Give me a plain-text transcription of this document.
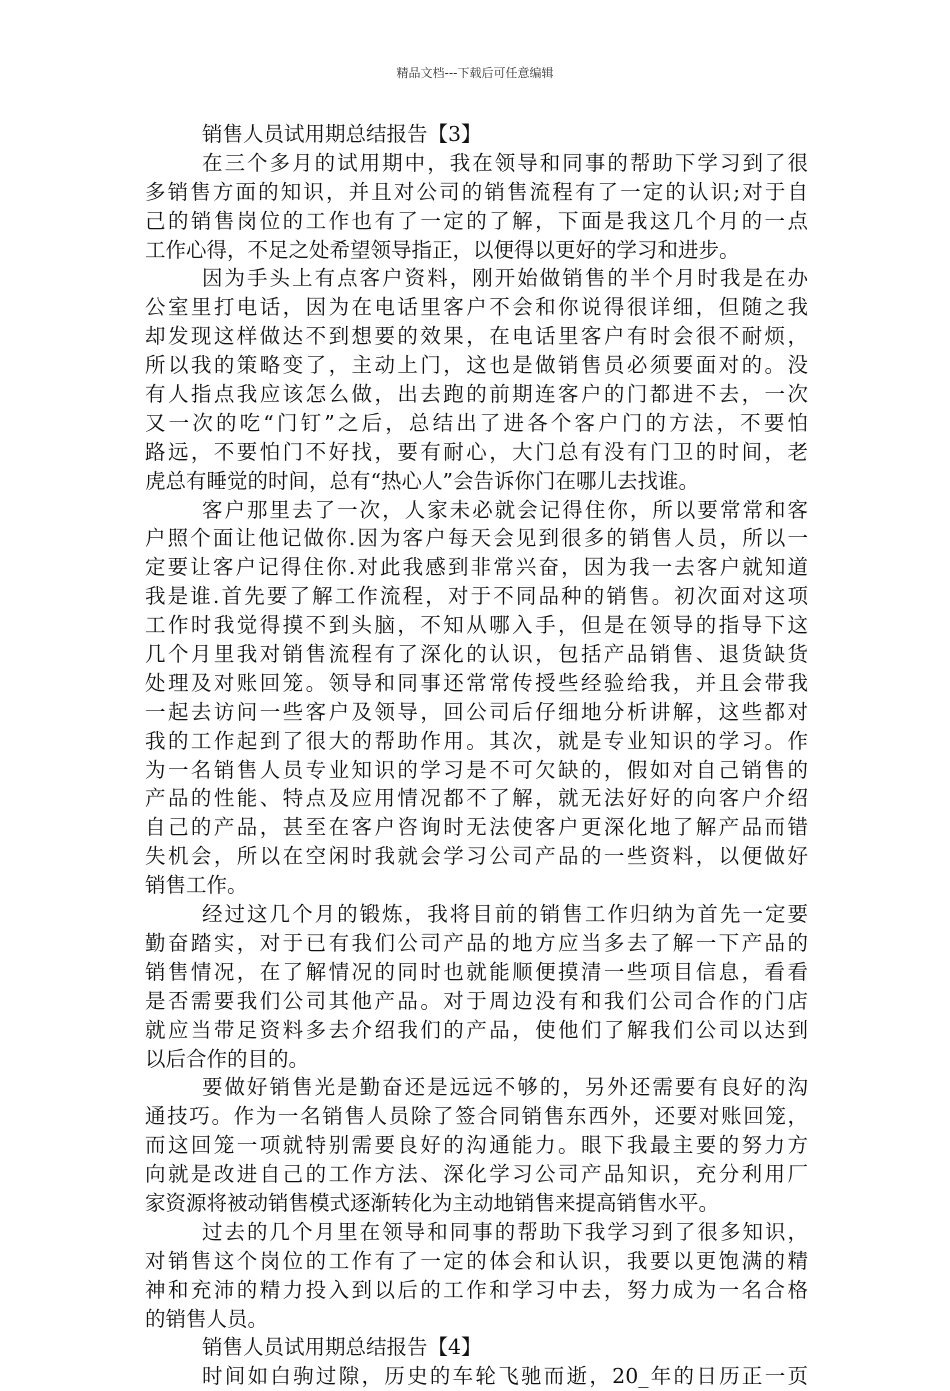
精品文档---下载后可任意编辑
销售人员试用期总结报告【3】
在三个多月的试用期中，我在领导和同事的帮助下学习到了很
多销售方面的知识，并且对公司的销售流程有了一定的认识;对于自
己的销售岗位的工作也有了一定的了解，下面是我这几个月的一点
工作心得，不足之处希望领导指正，以便得以更好的学习和进步。
因为手头上有点客户资料，刚开始做销售的半个月时我是在办
公室里打电话，因为在电话里客户不会和你说得很详细，但随之我
却发现这样做达不到想要的效果，在电话里客户有时会很不耐烦，
所以我的策略变了，主动上门，这也是做销售员必须要面对的。没
有人指点我应该怎么做，出去跑的前期连客户的门都进不去，一次
又一次的吃“门钉”之后，总结出了进各个客户门的方法，不要怕
路远，不要怕门不好找，要有耐心，大门总有没有门卫的时间，老
虎总有睡觉的时间，总有“热心人”会告诉你门在哪儿去找谁。
客户那里去了一次，人家未必就会记得住你，所以要常常和客
户照个面让他记做你.因为客户每天会见到很多的销售人员，所以一
定要让客户记得住你.对此我感到非常兴奋，因为我一去客户就知道
我是谁.首先要了解工作流程，对于不同品种的销售。初次面对这项
工作时我觉得摸不到头脑，不知从哪入手，但是在领导的指导下这
几个月里我对销售流程有了深化的认识，包括产品销售、退货缺货
处理及对账回笼。领导和同事还常常传授些经验给我，并且会带我
一起去访问一些客户及领导，回公司后仔细地分析讲解，这些都对
我的工作起到了很大的帮助作用。其次，就是专业知识的学习。作
为一名销售人员专业知识的学习是不可欠缺的，假如对自己销售的
产品的性能、特点及应用情况都不了解，就无法好好的向客户介绍
自己的产品，甚至在客户咨询时无法使客户更深化地了解产品而错
失机会，所以在空闲时我就会学习公司产品的一些资料，以便做好
销售工作。
经过这几个月的锻炼，我将目前的销售工作归纳为首先一定要
勤奋踏实，对于已有我们公司产品的地方应当多去了解一下产品的
销售情况，在了解情况的同时也就能顺便摸清一些项目信息，看看
是否需要我们公司其他产品。对于周边没有和我们公司合作的门店
就应当带足资料多去介绍我们的产品，使他们了解我们公司以达到
以后合作的目的。
要做好销售光是勤奋还是远远不够的，另外还需要有良好的沟
通技巧。作为一名销售人员除了签合同销售东西外，还要对账回笼，
而这回笼一项就特别需要良好的沟通能力。眼下我最主要的努力方
向就是改进自己的工作方法、深化学习公司产品知识，充分利用厂
家资源将被动销售模式逐渐转化为主动地销售来提高销售水平。
过去的几个月里在领导和同事的帮助下我学习到了很多知识，
对销售这个岗位的工作有了一定的体会和认识，我要以更饱满的精
神和充沛的精力投入到以后的工作和学习中去，努力成为一名合格
的销售人员。
销售人员试用期总结报告【4】
时间如白驹过隙，历史的车轮飞驰而逝，20_年的日历正一页
